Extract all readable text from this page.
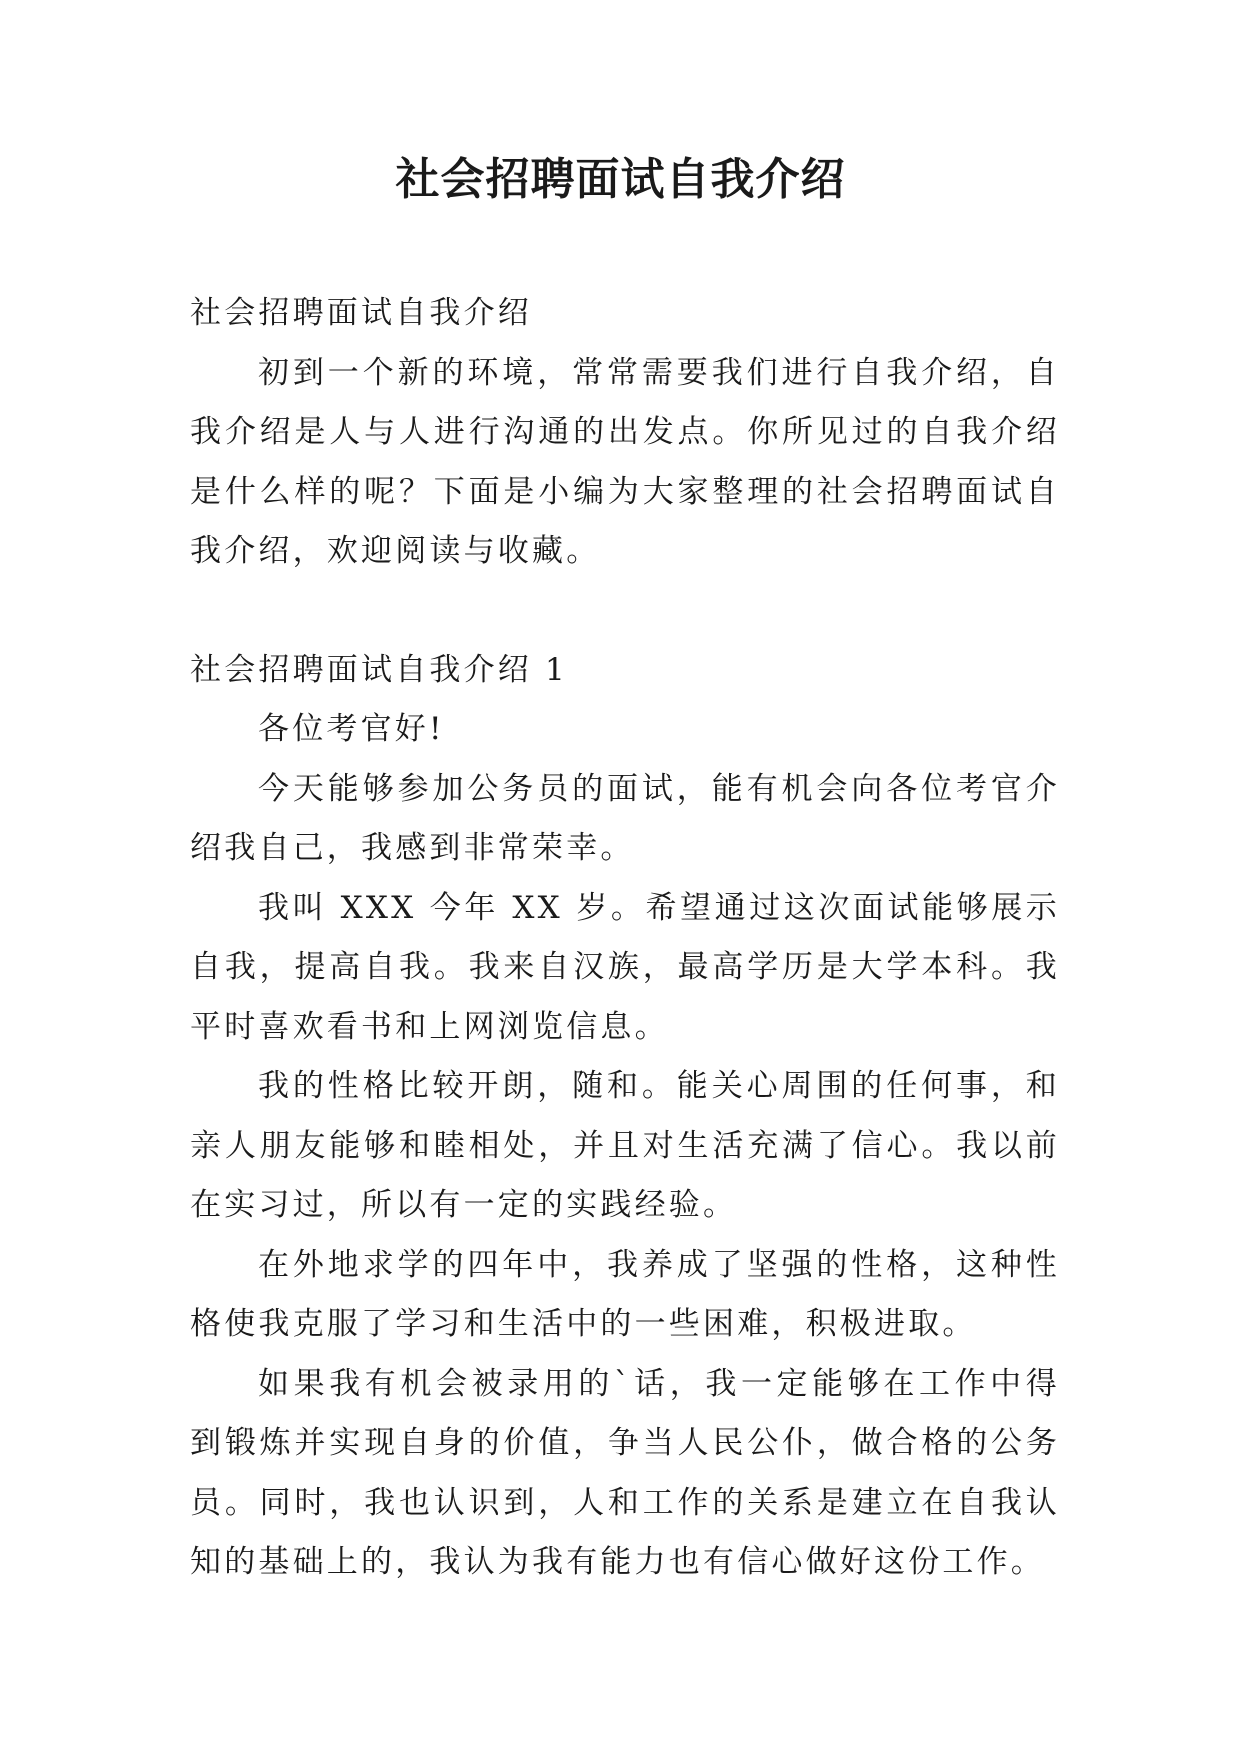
社会招聘面试自我介绍

社会招聘面试自我介绍

初到一个新的环境，常常需要我们进行自我介绍，自我介绍是人与人进行沟通的出发点。你所见过的自我介绍是什么样的呢？下面是小编为大家整理的社会招聘面试自我介绍，欢迎阅读与收藏。

社会招聘面试自我介绍 1

各位考官好!

今天能够参加公务员的面试，能有机会向各位考官介绍我自己，我感到非常荣幸。

我叫 XXX 今年 XX 岁。希望通过这次面试能够展示自我，提高自我。我来自汉族，最高学历是大学本科。我平时喜欢看书和上网浏览信息。

我的性格比较开朗，随和。能关心周围的任何事，和亲人朋友能够和睦相处，并且对生活充满了信心。我以前在实习过，所以有一定的实践经验。

在外地求学的四年中，我养成了坚强的性格，这种性格使我克服了学习和生活中的一些困难，积极进取。

如果我有机会被录用的`话，我一定能够在工作中得到锻炼并实现自身的价值，争当人民公仆，做合格的公务员。同时，我也认识到，人和工作的关系是建立在自我认知的基础上的，我认为我有能力也有信心做好这份工作。
